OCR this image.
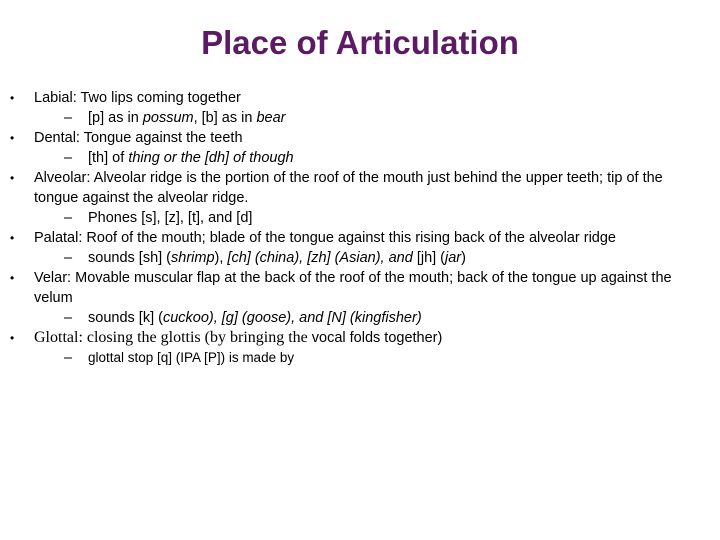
Place of Articulation
•	Labial: Two lips coming together
–	[p] as in possum, [b] as in bear
•	Dental: Tongue against the teeth
–	[th] of thing or the [dh] of though
•	Alveolar: Alveolar ridge is the portion of the roof of the mouth just behind the upper teeth; tip of the tongue against the alveolar ridge.
–	Phones [s], [z], [t], and [d]
•	Palatal: Roof of the mouth; blade of the tongue against this rising back of the alveolar ridge
–	sounds [sh] (shrimp), [ch] (china), [zh] (Asian), and [jh] (jar)
•	Velar: Movable muscular flap at the back of the roof of the mouth; back of the tongue up against the velum
–	sounds [k] (cuckoo), [g] (goose), and [N] (kingfisher)
•	Glottal: closing the glottis (by bringing the vocal folds together)
–	glottal stop [q] (IPA [P]) is made by
